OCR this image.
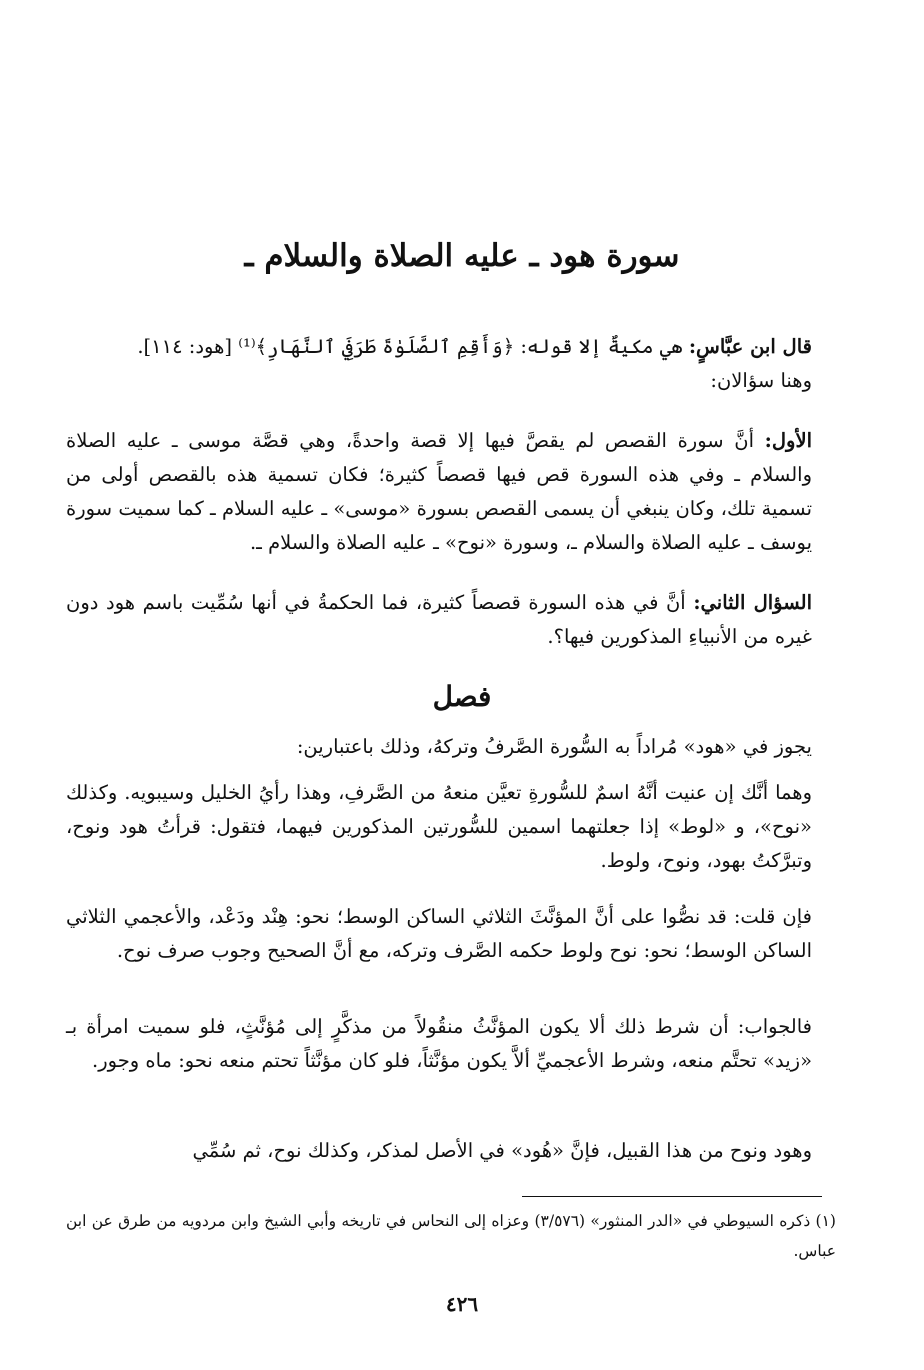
سورة هود ـ عليه الصلاة والسلام ـ
قال ابن عبَّاسٍ: هي مكيةٌ إلا قوله: ﴿وَأَقِمِ ٱلصَّلَوٰةَ طَرَفَيِ ٱلنَّهَارِ﴾⁽¹⁾ [هود: ١١٤].
وهنا سؤالان:
الأول: أنَّ سورة القصص لم يقصَّ فيها إلا قصة واحدةً، وهي قصَّة موسى ـ عليه الصلاة والسلام ـ وفي هذه السورة قص فيها قصصاً كثيرة؛ فكان تسمية هذه بالقصص أولى من تسمية تلك، وكان ينبغي أن يسمى القصص بسورة «موسى» ـ عليه السلام ـ كما سميت سورة يوسف ـ عليه الصلاة والسلام ـ، وسورة «نوح» ـ عليه الصلاة والسلام ـ.
السؤال الثاني: أنَّ في هذه السورة قصصاً كثيرة، فما الحكمةُ في أنها سُمِّيت باسم هود دون غيره من الأنبياءِ المذكورين فيها؟.
فصل
يجوز في «هود» مُراداً به السُّورة الصَّرفُ وتركهُ، وذلك باعتبارين:
وهما أنَّك إن عنيت أنَّهُ اسمٌ للسُّورةِ تعيَّن منعهُ من الصَّرفِ، وهذا رأيُ الخليل وسيبويه. وكذلك «نوح»، و «لوط» إذا جعلتهما اسمين للسُّورتين المذكورين فيهما، فتقول: قرأتُ هود ونوح، وتبرَّكتُ بهود، ونوح، ولوط.
فإن قلت: قد نصُّوا على أنَّ المؤنَّثَ الثلاثي الساكن الوسط؛ نحو: هِنْد ودَعْد، والأعجمي الثلاثي الساكن الوسط؛ نحو: نوح ولوط حكمه الصَّرف وتركه، مع أنَّ الصحيح وجوب صرف نوح.
فالجواب: أن شرط ذلك ألا يكون المؤنَّثُ منقُولاً من مذكَّرٍ إلى مُؤنَّثٍ، فلو سميت امرأة بـ «زيد» تحتَّم منعه، وشرط الأعجميِّ ألاَّ يكون مؤنَّثاً، فلو كان مؤنَّثاً تحتم منعه نحو: ماه وجور.
وهود ونوح من هذا القبيل، فإنَّ «هُود» في الأصل لمذكر، وكذلك نوح، ثم سُمِّي
(١) ذكره السيوطي في «الدر المنثور» (٣/٥٧٦) وعزاه إلى النحاس في تاريخه وأبي الشيخ وابن مردويه من طرق عن ابن عباس.
٤٢٦
